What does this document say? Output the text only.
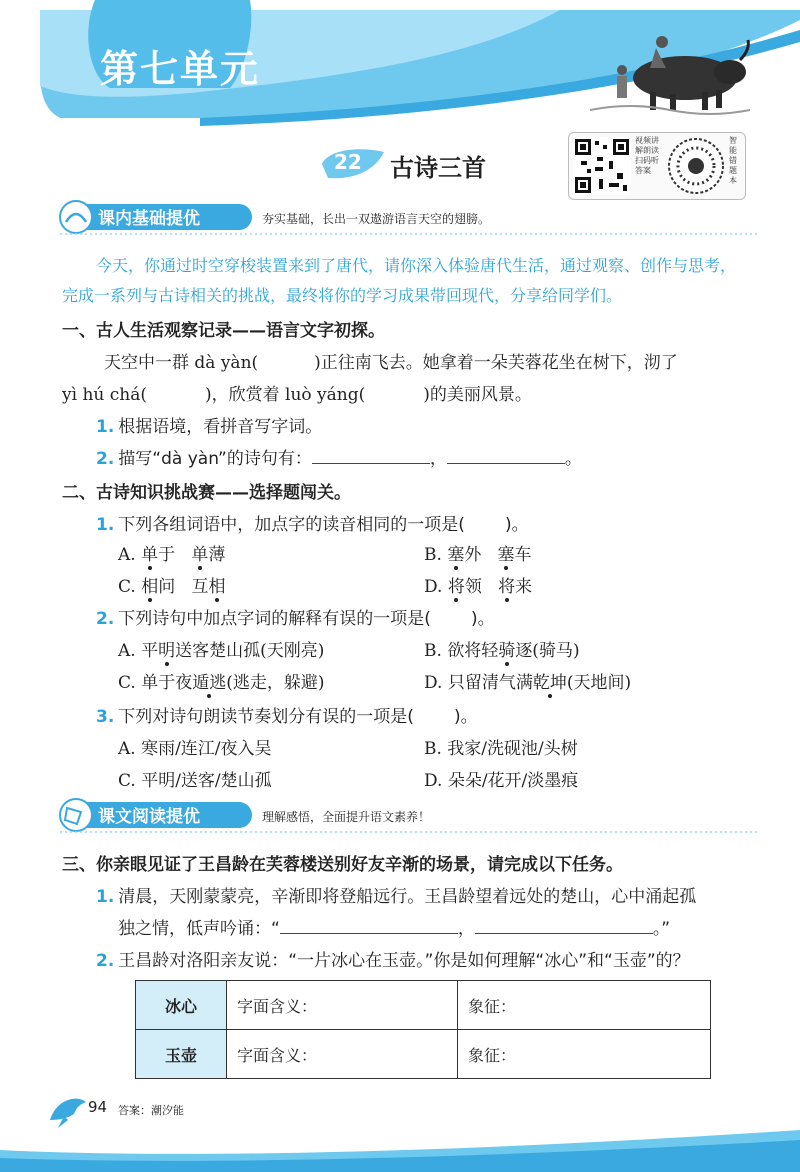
第七单元
22 古诗三首
视频讲解朗读扫码听答案
智能错题本
课内基础提优	夯实基础，长出一双遨游语言天空的翅膀。
今天，你通过时空穿梭装置来到了唐代，请你深入体验唐代生活，通过观察、创作与思考，
完成一系列与古诗相关的挑战，最终将你的学习成果带回现代，分享给同学们。
一、古人生活观察记录——语言文字初探。
天空中一群 dà yàn(	)正往南飞去。她拿着一朵芙蓉花坐在树下，沏了
yì hú chá(	)，欣赏着 luò yáng(	)的美丽风景。
1. 根据语境，看拼音写字词。
2. 描写“dà yàn”的诗句有：	，	。
二、古诗知识挑战赛——选择题闯关。
1. 下列各组词语中，加点字的读音相同的一项是( )。
A. 单于 单薄	B. 塞外 塞车
C. 相问 互相	D. 将领 将来
2. 下列诗句中加点字词的解释有误的一项是( )。
A. 平明送客楚山孤(天刚亮)	B. 欲将轻骑逐(骑马)
C. 单于夜遁逃(逃走，躲避)	D. 只留清气满乾坤(天地间)
3. 下列对诗句朗读节奏划分有误的一项是( )。
A. 寒雨/连江/夜入吴	B. 我家/洗砚池/头树
C. 平明/送客/楚山孤	D. 朵朵/花开/淡墨痕
课文阅读提优	理解感悟，全面提升语文素养！
三、你亲眼见证了王昌龄在芙蓉楼送别好友辛渐的场景，请完成以下任务。
1. 清晨，天刚蒙蒙亮，辛渐即将登船远行。王昌龄望着远处的楚山，心中涌起孤
独之情，低声吟诵：“	，	。”
2. 王昌龄对洛阳亲友说：“一片冰心在玉壶。”你是如何理解“冰心”和“玉壶”的？
冰心	字面含义：	象征：
玉壶	字面含义：	象征：
94 答案：潮汐能
